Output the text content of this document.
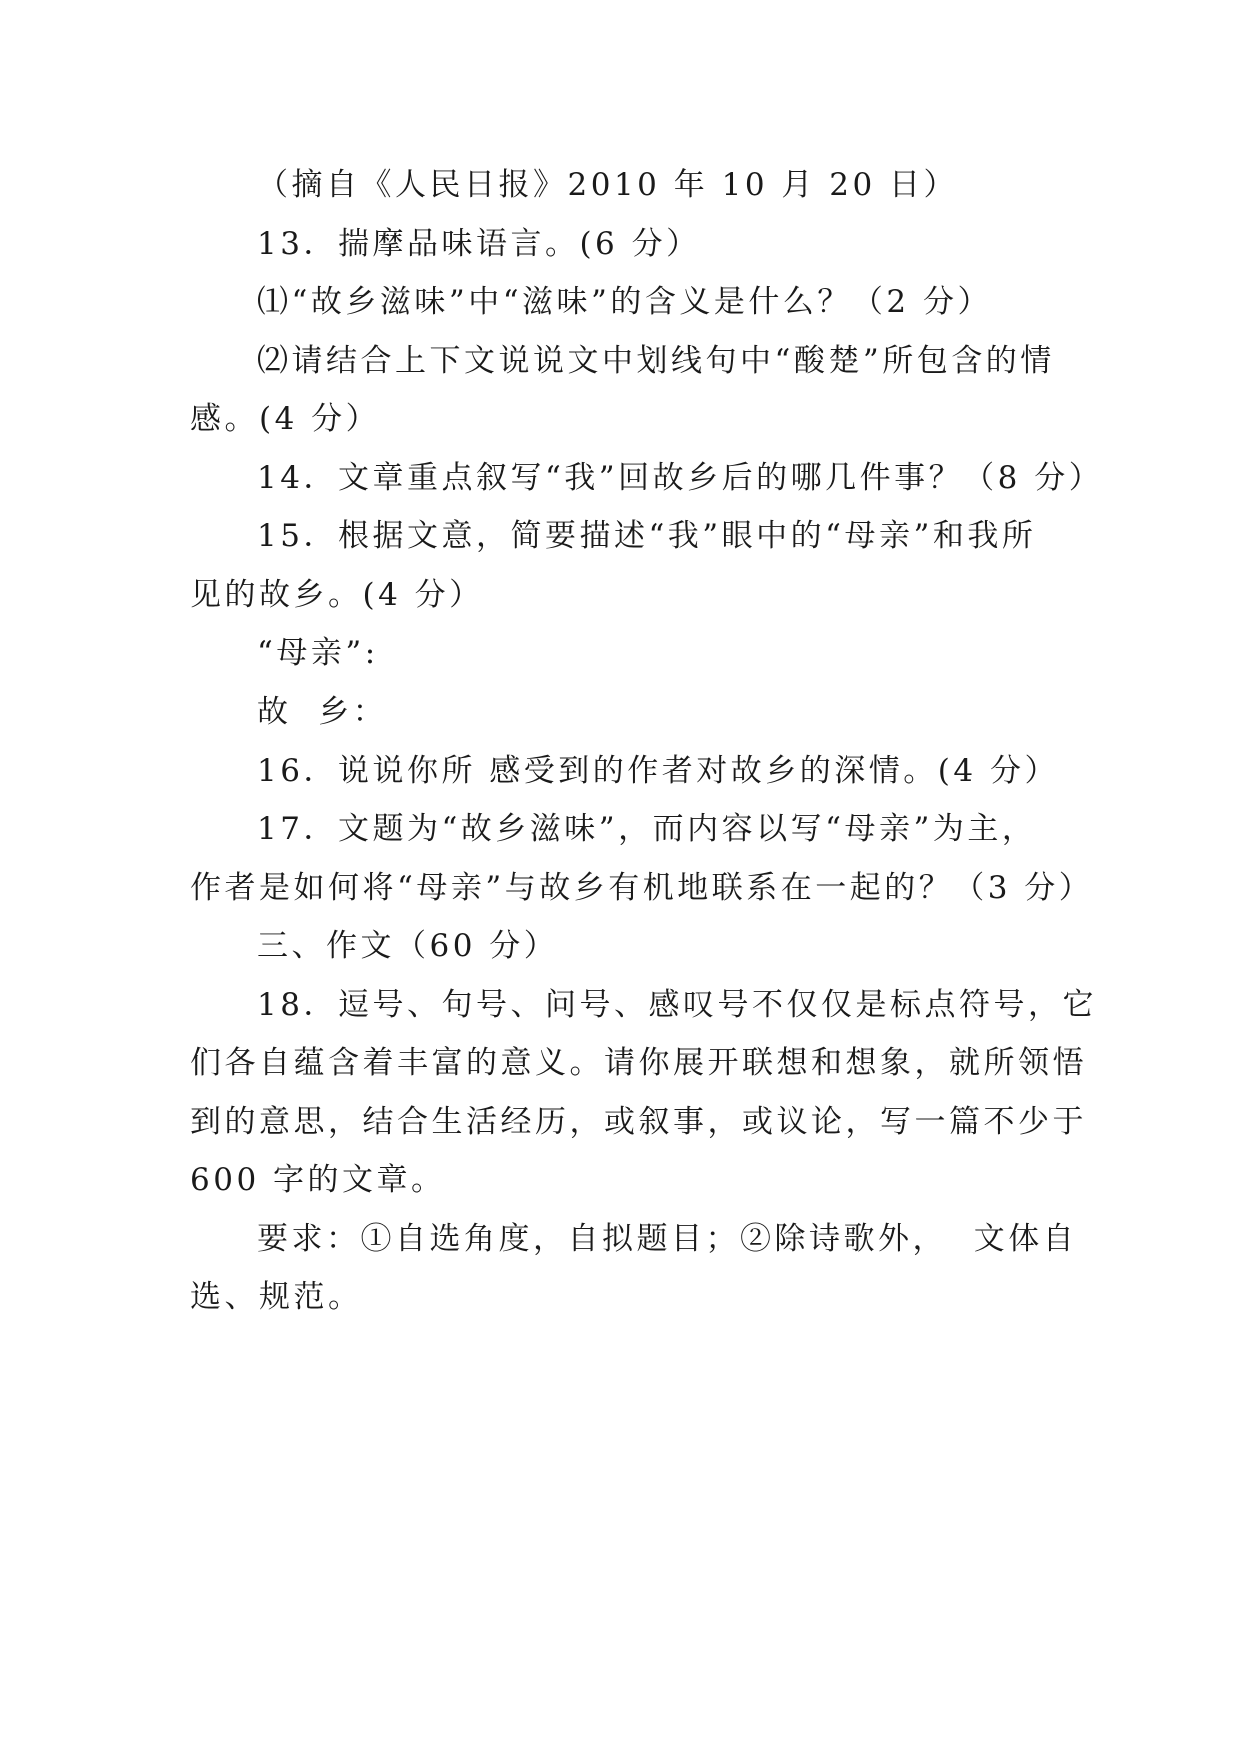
（摘自《人民日报》2010 年 10 月 20 日）
13．揣摩品味语言。(6 分）
⑴“故乡滋味”中“滋味”的含义是什么？（2 分）
⑵请结合上下文说说文中划线句中“酸楚”所包含的情
感。(4 分）
14．文章重点叙写“我”回故乡后的哪几件事？（8 分）
15．根据文意，简要描述“我”眼中的“母亲”和我所
见的故乡。(4 分）
“母亲”:
故  乡：
16．说说你所 感受到的作者对故乡的深情。(4 分）
17．文题为“故乡滋味”，而内容以写“母亲”为主，
作者是如何将“母亲”与故乡有机地联系在一起的？（3 分）
三、作文（60 分）
18．逗号、句号、问号、感叹号不仅仅是标点符号，它
们各自蕴含着丰富的意义。请你展开联想和想象，就所领悟
到的意思，结合生活经历，或叙事，或议论，写一篇不少于
600 字的文章。
要求：①自选角度，自拟题目；②除诗歌外，  文体自
选、规范。
